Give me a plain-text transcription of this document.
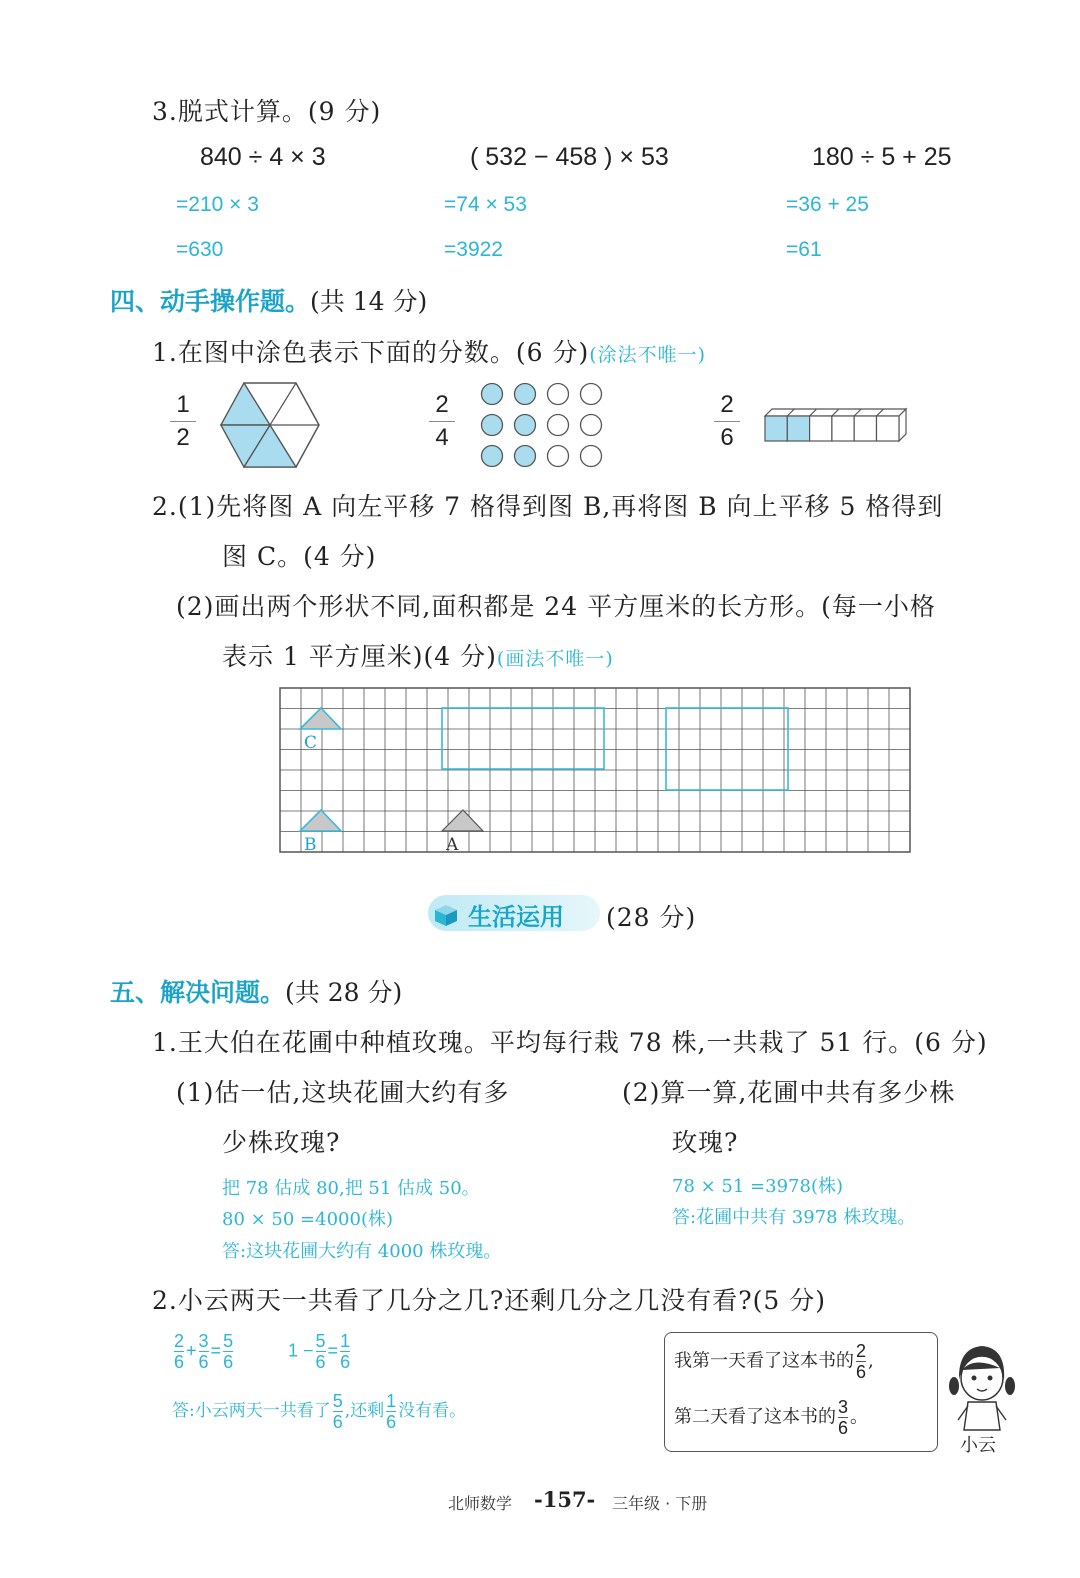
3.脱式计算。(9 分)
840 ÷ 4 × 3	( 532 − 458 ) × 53	180 ÷ 5 + 25
=210 × 3	=74 × 53	=36 + 25
=630	=3922	=61
四、动手操作题。(共 14 分)
1.在图中涂色表示下面的分数。(6 分)(涂法不唯一)
1
2
2
4
2
6
2.(1)先将图 A 向左平移 7 格得到图 B,再将图 B 向上平移 5 格得到
图 C。(4 分)
(2)画出两个形状不同,面积都是 24 平方厘米的长方形。(每一小格
表示 1 平方厘米)(4 分)(画法不唯一)
C
B	A
生活运用 (28 分)
五、解决问题。(共 28 分)
1.王大伯在花圃中种植玫瑰。平均每行栽 78 株,一共栽了 51 行。(6 分)
(1)估一估,这块花圃大约有多
少株玫瑰?
(2)算一算,花圃中共有多少株
玫瑰?
把 78 估成 80,把 51 估成 50。
80 × 50 =4000(株)
答:这块花圃大约有 4000 株玫瑰。
78 × 51 =3978(株)
答:花圃中共有 3978 株玫瑰。
2.小云两天一共看了几分之几?还剩几分之几没有看?(5 分)
$\frac{2}{6} + \frac{3}{6} = \frac{5}{6}$	$1 - \frac{5}{6} = \frac{1}{6}$
答:小云两天一共看了 $\frac{5}{6}$ ,还剩 $\frac{1}{6}$ 没有看。
我第一天看了这本书的 $\frac{2}{6}$ ,
第二天看了这本书的 $\frac{3}{6}$ 。
小云
北师数学 -157- 三年级 · 下册
